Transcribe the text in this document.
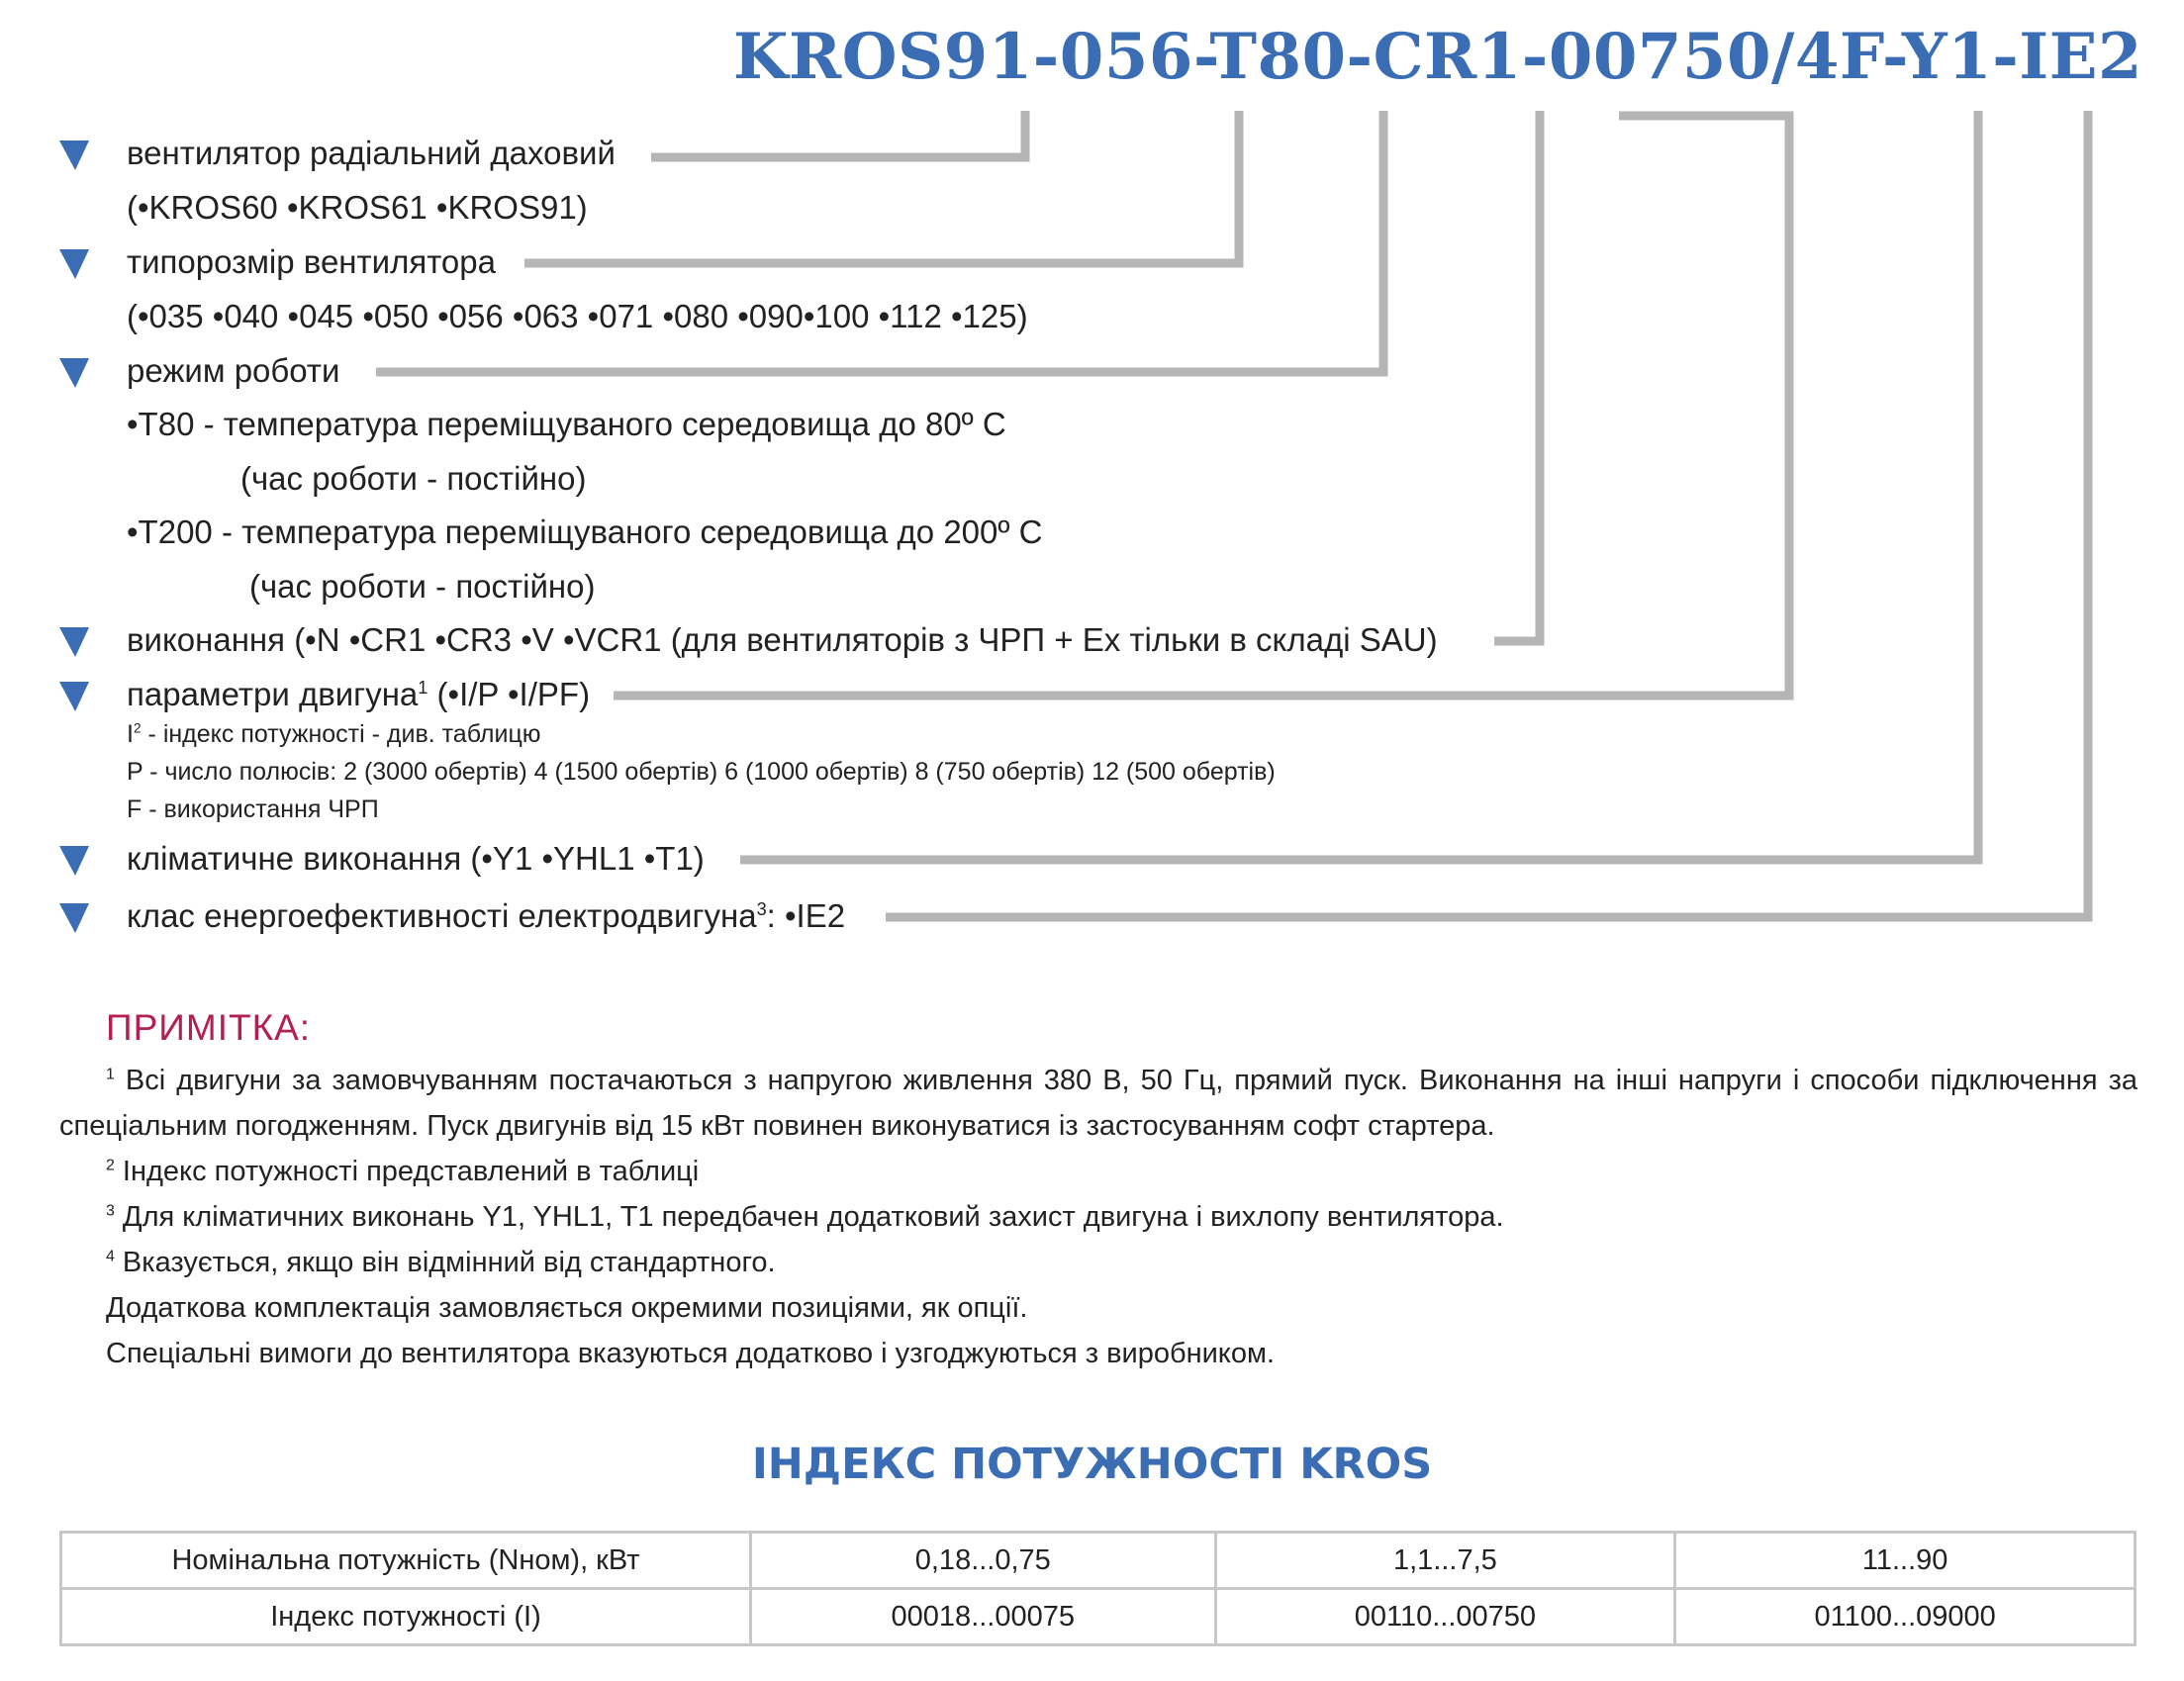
KROS91-056-T80-CR1-00750/4F-Y1-IE2
вентилятор радіальний даховий
(•KROS60 •KROS61 •KROS91)
типорозмір вентилятора
(•035 •040 •045 •050 •056 •063 •071 •080 •090•100 •112 •125)
режим роботи
•T80 - температура переміщуваного середовища до 80º C
(час роботи - постійно)
•T200 - температура переміщуваного середовища до 200º C
(час роботи - постійно)
виконання (•N •CR1 •CR3 •V •VCR1 (для вентиляторів з ЧРП + Ex тільки в складі SAU)
параметри двигуна$^1$ (•I/P •I/PF)
$I^2$ - індекс потужності - див. таблицю
P - число полюсів: 2 (3000 обертів) 4 (1500 обертів) 6 (1000 обертів) 8 (750 обертів) 12 (500 обертів)
F - використання ЧРП
кліматичне виконання (•Y1 •YHL1 •T1)
клас енергоефективності електродвигуна$^3$: •IE2
ПРИМІТКА:
$^1$ Всі двигуни за замовчуванням постачаються з напругою живлення 380 В, 50 Гц, прямий пуск. Виконання на інші напруги і способи підключення за спеціальним погодженням. Пуск двигунів від 15 кВт повинен виконуватися із застосуванням софт стартера.
$^2$ Індекс потужності представлений в таблиці
$^3$ Для кліматичних виконань Y1, YHL1, T1 передбачен додатковий захист двигуна і вихлопу вентилятора.
$^4$ Вказується, якщо він відмінний від стандартного.
Додаткова комплектація замовляється окремими позиціями, як опції.
Спеціальні вимоги до вентилятора вказуються додатково і узгоджуються з виробником.
ІНДЕКС ПОТУЖНОСТІ KROS
Номінальна потужність (Nном), кВт	0,18...0,75	1,1...7,5	11...90
Індекс потужності (I)	00018...00075	00110...00750	01100...09000
